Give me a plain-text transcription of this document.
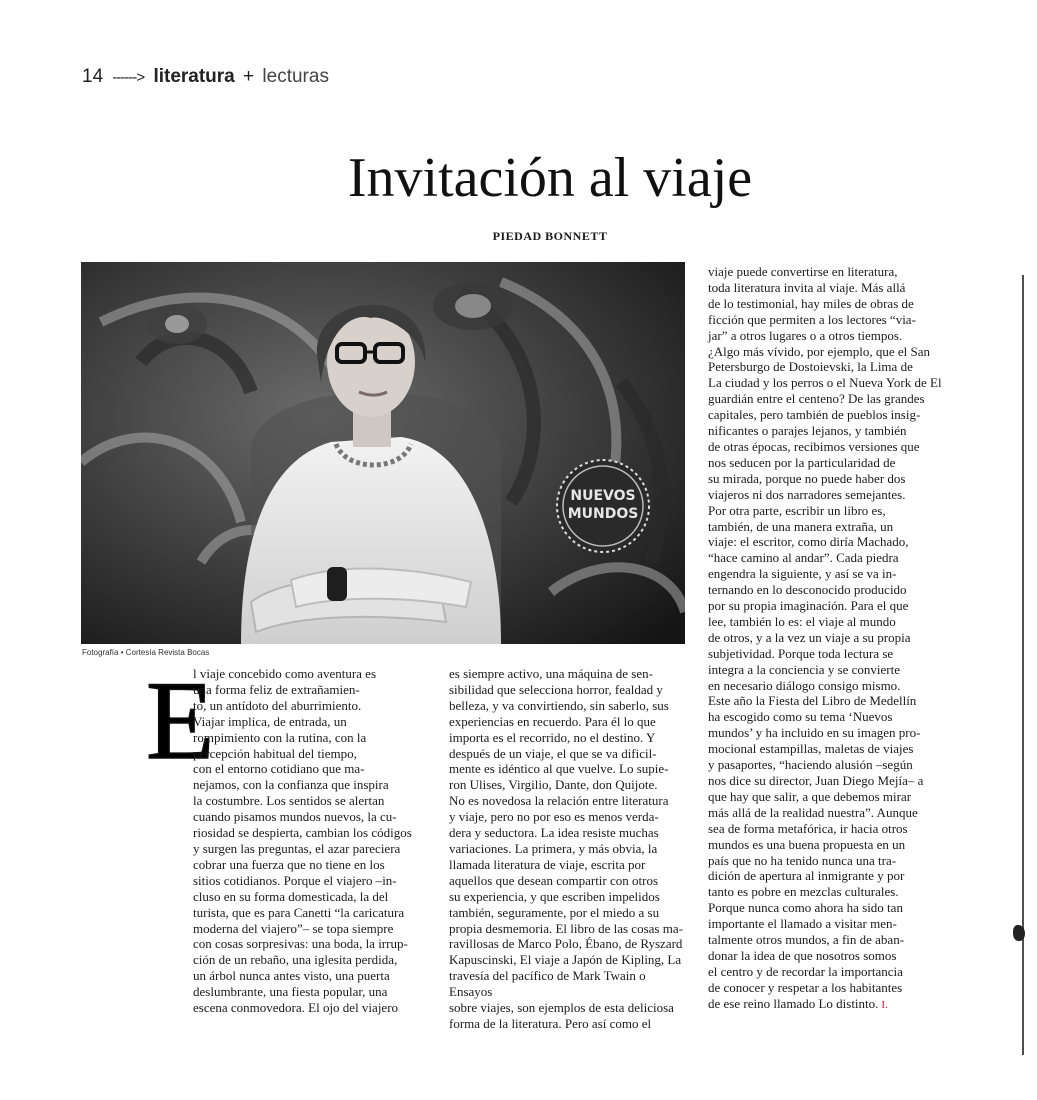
14 ------> literatura + lecturas
Invitación al viaje
PIEDAD BONNETT
NUEVOS
MUNDOS
Fotografía • Cortesía Revista Bocas
E

l viaje concebido como aventura es

una forma feliz de extrañamien-

to, un antídoto del aburrimiento.

Viajar implica, de entrada, un

rompimiento con la rutina, con la

percepción habitual del tiempo,

con el entorno cotidiano que ma-

nejamos, con la confianza que inspira

la costumbre. Los sentidos se alertan

cuando pisamos mundos nuevos, la cu-

riosidad se despierta, cambian los códigos

y surgen las preguntas, el azar pareciera

cobrar una fuerza que no tiene en los

sitios cotidianos. Porque el viajero –in-

cluso en su forma domesticada, la del

turista, que es para Canetti “la caricatura

moderna del viajero”– se topa siempre

con cosas sorpresivas: una boda, la irrup-

ción de un rebaño, una iglesita perdida,

un árbol nunca antes visto, una puerta

deslumbrante, una fiesta popular, una

escena conmovedora. El ojo del viajero

es siempre activo, una máquina de sen-

sibilidad que selecciona horror, fealdad y

belleza, y va convirtiendo, sin saberlo, sus

experiencias en recuerdo. Para él lo que

importa es el recorrido, no el destino. Y

después de un viaje, el que se va dificil-

mente es idéntico al que vuelve. Lo supie-

ron Ulises, Virgilio, Dante, don Quijote.

No es novedosa la relación entre literatura

y viaje, pero no por eso es menos verda-

dera y seductora. La idea resiste muchas

variaciones. La primera, y más obvia, la

llamada literatura de viaje, escrita por

aquellos que desean compartir con otros

su experiencia, y que escriben impelidos

también, seguramente, por el miedo a su

propia desmemoria. El libro de las cosas ma-

ravillosas de Marco Polo, Ébano, de Ryszard

Kapuscinski, El viaje a Japón de Kipling, La

travesía del pacífico de Mark Twain o Ensayos

sobre viajes, son ejemplos de esta deliciosa

forma de la literatura. Pero así como el

viaje puede convertirse en literatura,

toda literatura invita al viaje. Más allá

de lo testimonial, hay miles de obras de

ficción que permiten a los lectores “via-

jar” a otros lugares o a otros tiempos.

¿Algo más vívido, por ejemplo, que el San

Petersburgo de Dostoievski, la Lima de

La ciudad y los perros o el Nueva York de El

guardián entre el centeno? De las grandes

capitales, pero también de pueblos insig-

nificantes o parajes lejanos, y también

de otras épocas, recibimos versiones que

nos seducen por la particularidad de

su mirada, porque no puede haber dos

viajeros ni dos narradores semejantes.

Por otra parte, escribir un libro es,

también, de una manera extraña, un

viaje: el escritor, como diría Machado,

“hace camino al andar”. Cada piedra

engendra la siguiente, y así se va in-

ternando en lo desconocido producido

por su propia imaginación. Para el que

lee, también lo es: el viaje al mundo

de otros, y a la vez un viaje a su propia

subjetividad. Porque toda lectura se

integra a la conciencia y se convierte

en necesario diálogo consigo mismo.

Este año la Fiesta del Libro de Medellín

ha escogido como su tema ‘Nuevos

mundos’ y ha incluido en su imagen pro-

mocional estampillas, maletas de viajes

y pasaportes, “haciendo alusión –según

nos dice su director, Juan Diego Mejía– a

que hay que salir, a que debemos mirar

más allá de la realidad nuestra”. Aunque

sea de forma metafórica, ir hacia otros

mundos es una buena propuesta en un

país que no ha tenido nunca una tra-

dición de apertura al inmigrante y por

tanto es pobre en mezclas culturales.

Porque nunca como ahora ha sido tan

importante el llamado a visitar men-

talmente otros mundos, a fin de aban-

donar la idea de que nosotros somos

el centro y de recordar la importancia

de conocer y respetar a los habitantes

de ese reino llamado Lo distinto. I.
